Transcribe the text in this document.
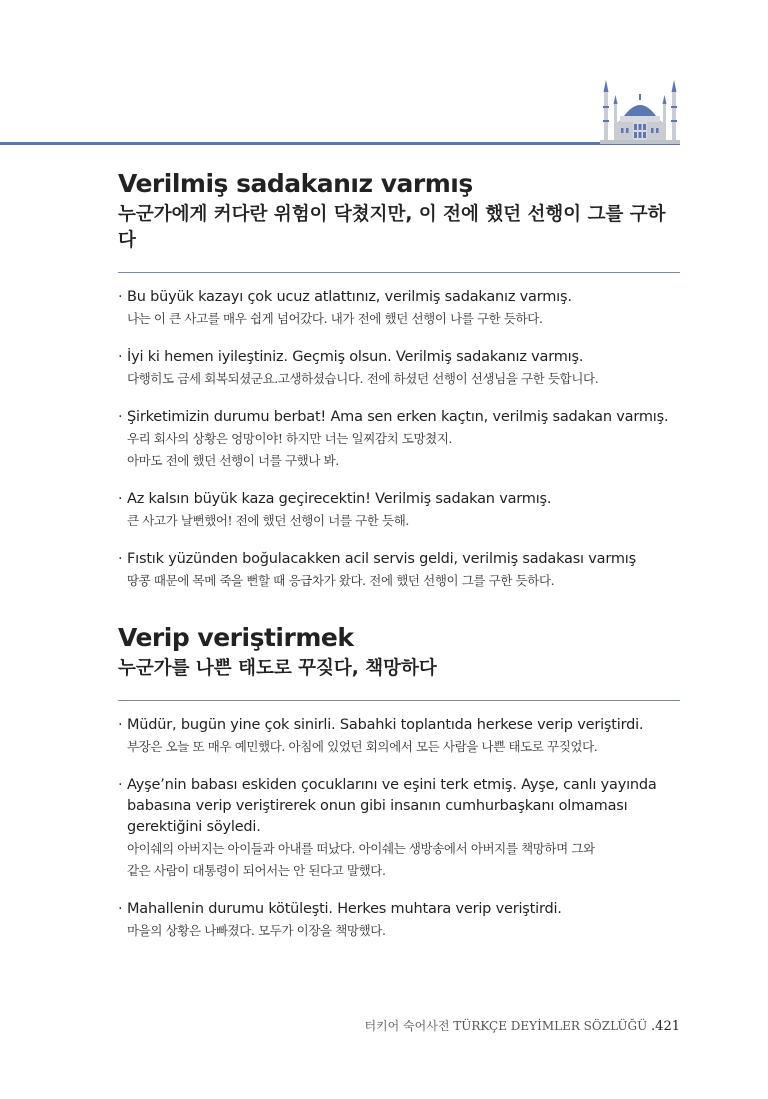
Verilmiş sadakanız varmış
누군가에게 커다란 위험이 닥쳤지만, 이 전에 했던 선행이 그를 구하다
· Bu büyük kazayı çok ucuz atlattınız, verilmiş sadakanız varmış.
나는 이 큰 사고를 매우 쉽게 넘어갔다. 내가 전에 했던 선행이 나를 구한 듯하다.
· İyi ki hemen iyileştiniz. Geçmiş olsun. Verilmiş sadakanız varmış.
다행히도 금세 회복되셨군요.고생하셨습니다. 전에 하셨던 선행이 선생님을 구한 듯합니다.
· Şirketimizin durumu berbat! Ama sen erken kaçtın, verilmiş sadakan varmış.
우리 회사의 상황은 엉망이야! 하지만 너는 일찌감치 도망쳤지.
아마도 전에 했던 선행이 너를 구했나 봐.
· Az kalsın büyük kaza geçirecektin! Verilmiş sadakan varmış.
큰 사고가 날뻔했어! 전에 했던 선행이 너를 구한 듯해.
· Fıstık yüzünden boğulacakken acil servis geldi, verilmiş sadakası varmış
땅콩 때문에 목메 죽을 뻔할 때 응급차가 왔다. 전에 했던 선행이 그를 구한 듯하다.
Verip veriştirmek
누군가를 나쁜 태도로 꾸짖다, 책망하다
· Müdür, bugün yine çok sinirli. Sabahki toplantıda herkese verip veriştirdi.
부장은 오늘 또 매우 예민했다. 아침에 있었던 회의에서 모든 사람을 나쁜 태도로 꾸짖었다.
· Ayşe’nin babası eskiden çocuklarını ve eşini terk etmiş. Ayşe, canlı yayında babasına verip veriştirerek onun gibi insanın cumhurbaşkanı olmaması gerektiğini söyledi.
아이쉐의 아버지는 아이들과 아내를 떠났다. 아이쉐는 생방송에서 아버지를 책망하며 그와
같은 사람이 대통령이 되어서는 안 된다고 말했다.
· Mahallenin durumu kötüleşti. Herkes muhtara verip veriştirdi.
마을의 상황은 나빠졌다. 모두가 이장을 책망했다.
터키어 숙어사전 TÜRKÇE DEYİMLER SÖZLÜĞÜ .421
